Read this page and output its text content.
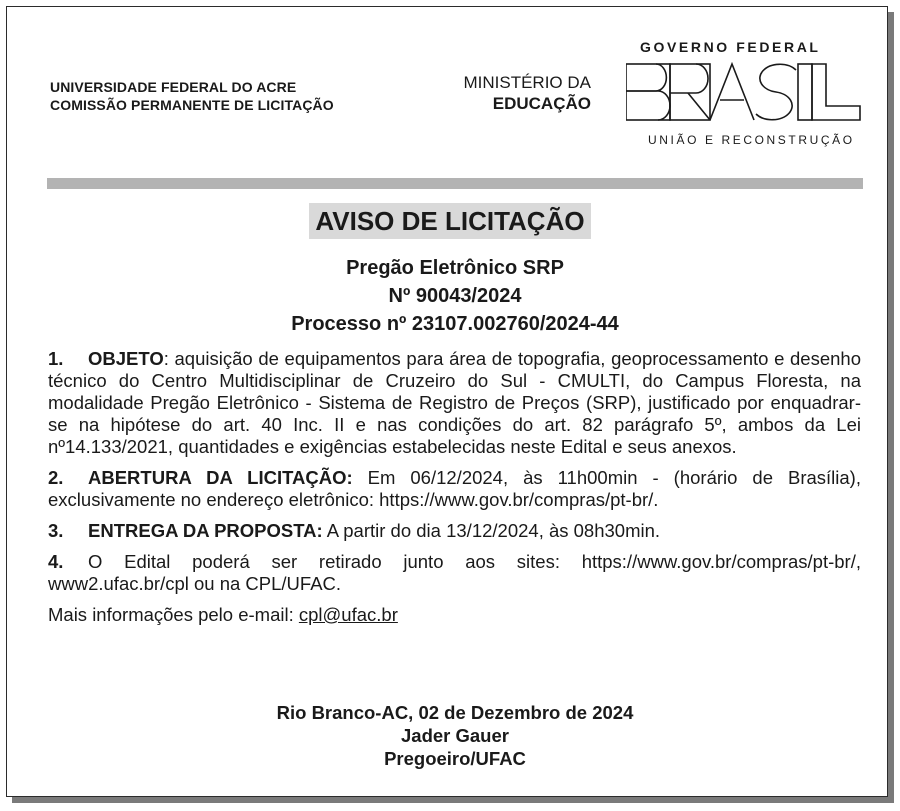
UNIVERSIDADE FEDERAL DO ACRE
COMISSÃO PERMANENTE DE LICITAÇÃO
MINISTÉRIO DA
EDUCAÇÃO
GOVERNO FEDERAL
UNIÃO E RECONSTRUÇÃO
AVISO DE LICITAÇÃO
Pregão Eletrônico SRP
Nº 90043/2024
Processo nº 23107.002760/2024-44

1. OBJETO: aquisição de equipamentos para área de topografia, geoprocessamento e desenho técnico do Centro Multidisciplinar de Cruzeiro do Sul - CMULTI, do Campus Floresta, na modalidade Pregão Eletrônico - Sistema de Registro de Preços (SRP), justificado por enquadrar-se na hipótese do art. 40 Inc. II e nas condições do art. 82 parágrafo 5º, ambos da Lei nº14.133/2021, quantidades e exigências estabelecidas neste Edital e seus anexos.

2. ABERTURA DA LICITAÇÃO: Em 06/12/2024, às 11h00min - (horário de Brasília), exclusivamente no endereço eletrônico: https://www.gov.br/compras/pt-br/.

3. ENTREGA DA PROPOSTA: A partir do dia 13/12/2024, às 08h30min.

4. O Edital poderá ser retirado junto aos sites: https://www.gov.br/compras/pt-br/, www2.ufac.br/cpl ou na CPL/UFAC.

Mais informações pelo e-mail: cpl@ufac.br
Rio Branco-AC, 02 de Dezembro de 2024
Jader Gauer
Pregoeiro/UFAC
